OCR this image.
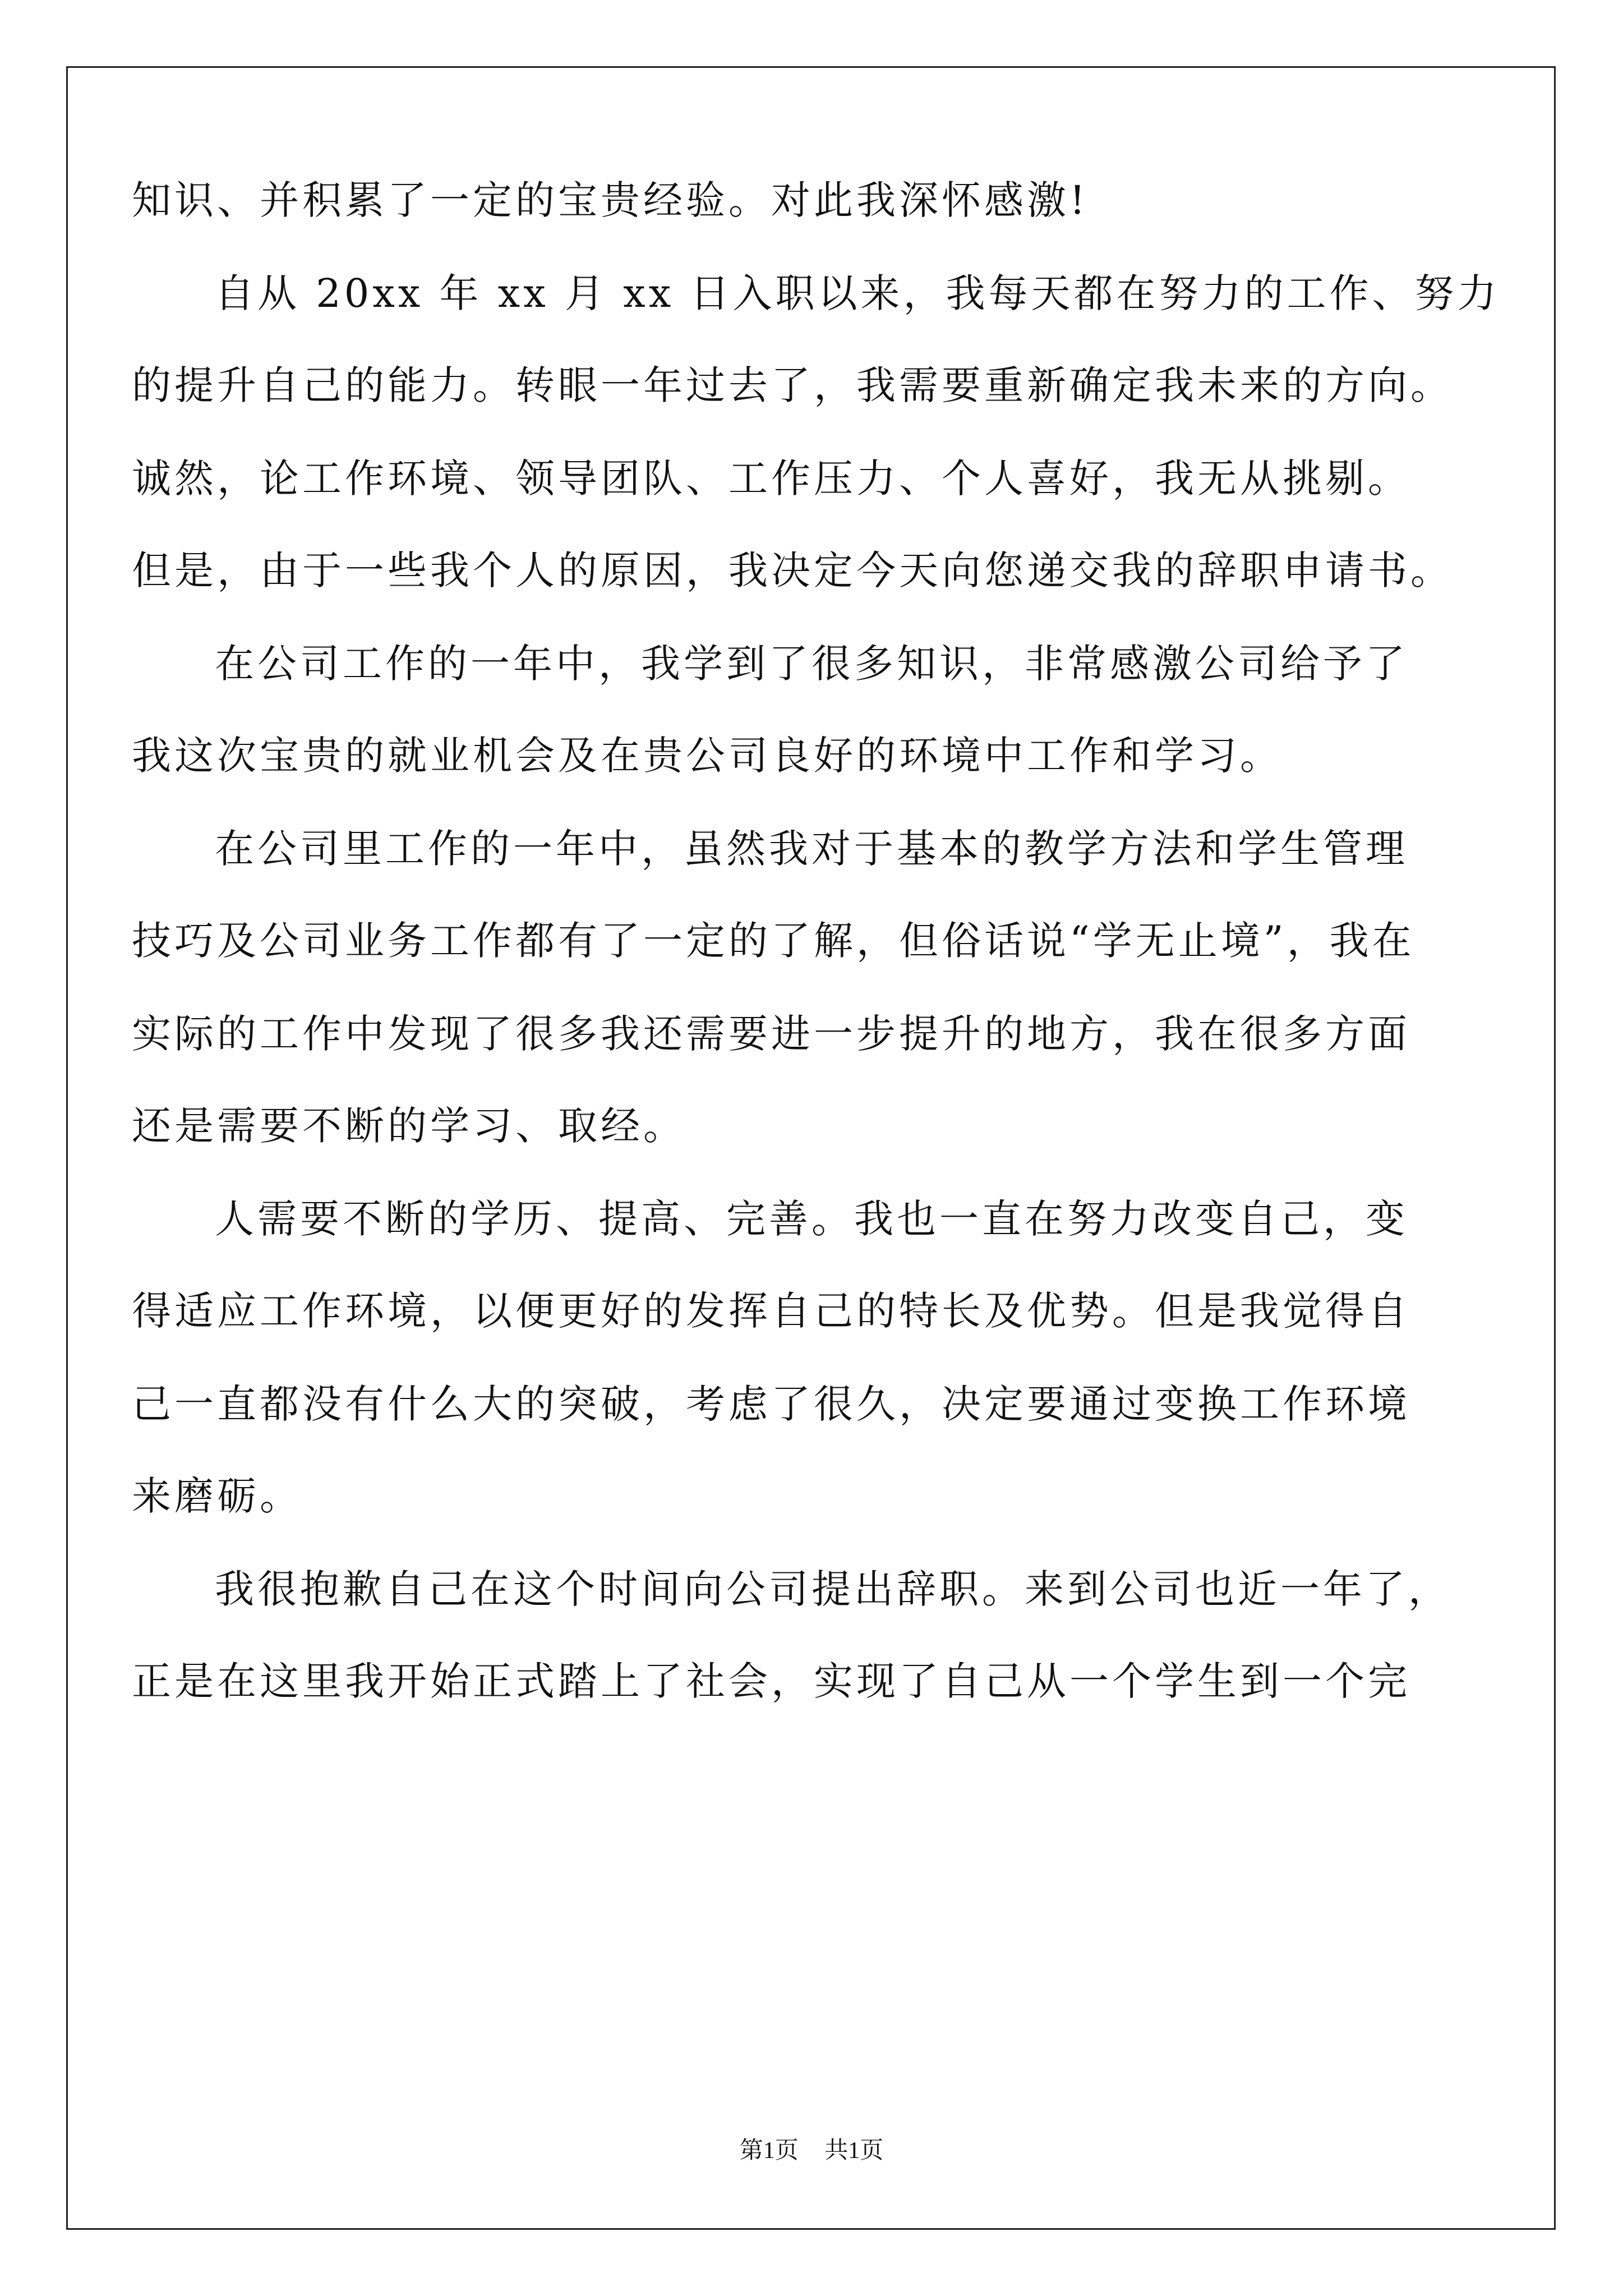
知识、并积累了一定的宝贵经验。对此我深怀感激!
自从 20xx 年 xx 月 xx 日入职以来，我每天都在努力的工作、努力
的提升自己的能力。转眼一年过去了，我需要重新确定我未来的方向。
诚然，论工作环境、领导团队、工作压力、个人喜好，我无从挑剔。
但是，由于一些我个人的原因，我决定今天向您递交我的辞职申请书。
在公司工作的一年中，我学到了很多知识，非常感激公司给予了
我这次宝贵的就业机会及在贵公司良好的环境中工作和学习。
在公司里工作的一年中，虽然我对于基本的教学方法和学生管理
技巧及公司业务工作都有了一定的了解，但俗话说“学无止境”，我在
实际的工作中发现了很多我还需要进一步提升的地方，我在很多方面
还是需要不断的学习、取经。
人需要不断的学历、提高、完善。我也一直在努力改变自己，变
得适应工作环境，以便更好的发挥自己的特长及优势。但是我觉得自
己一直都没有什么大的突破，考虑了很久，决定要通过变换工作环境
来磨砺。
我很抱歉自己在这个时间向公司提出辞职。来到公司也近一年了，
正是在这里我开始正式踏上了社会，实现了自己从一个学生到一个完
第1页 共1页
